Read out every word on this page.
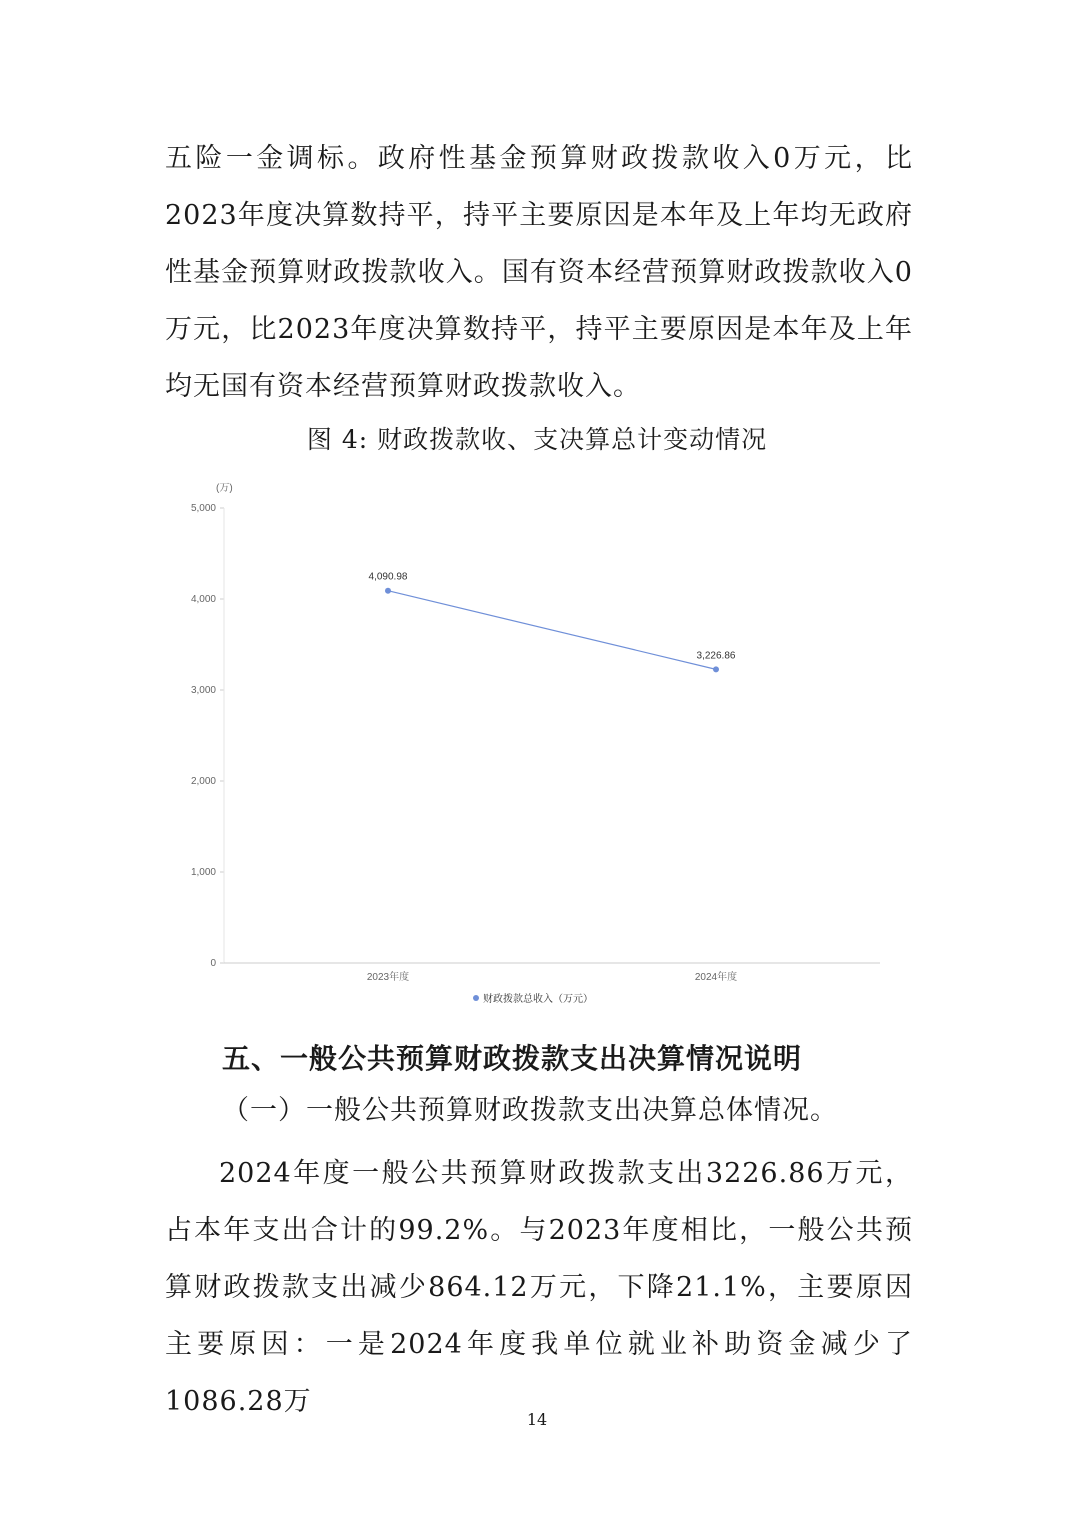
五险一金调标。政府性基金预算财政拨款收入0万元，比2023年度决算数持平，持平主要原因是本年及上年均无政府性基金预算财政拨款收入。国有资本经营预算财政拨款收入0万元，比2023年度决算数持平，持平主要原因是本年及上年均无国有资本经营预算财政拨款收入。

图 4: 财政拨款收、支决算总计变动情况
(万)
0
1,000
2,000
3,000
4,000
5,000
2023年度	2024年度
4,090.98
3,226.86
财政拨款总收入（万元）
五、一般公共预算财政拨款支出决算情况说明
（一）一般公共预算财政拨款支出决算总体情况。

2024年度一般公共预算财政拨款支出3226.86万元，占本年支出合计的99.2%。与2023年度相比，一般公共预算财政拨款支出减少864.12万元，下降21.1%，主要原因主要原因：一是2024年度我单位就业补助资金减少了1086.28万

14
